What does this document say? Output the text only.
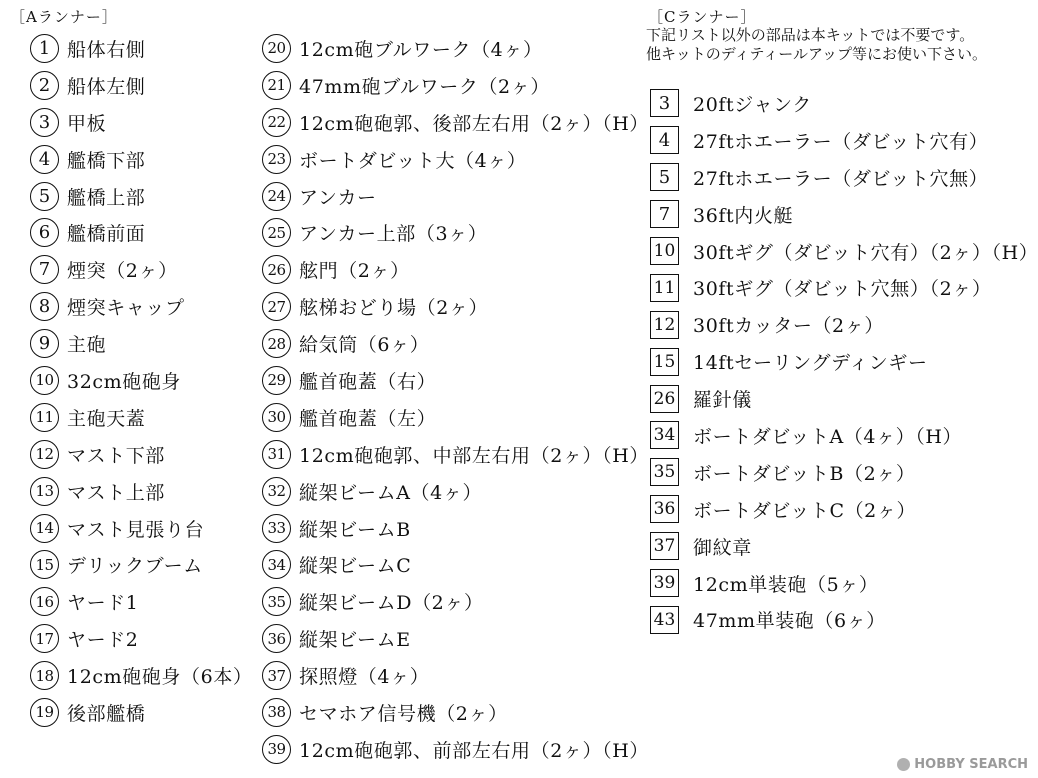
［Aランナー］
1 船体右側
2 船体左側
3 甲板
4 艦橋下部
5 艦橋上部
6 艦橋前面
7 煙突（2ヶ）
8 煙突キャップ
9 主砲
10 32cm砲砲身
11 主砲天蓋
12 マスト下部
13 マスト上部
14 マスト見張り台
15 デリックブーム
16 ヤード1
17 ヤード2
18 12cm砲砲身（6本）
19 後部艦橋
20 12cm砲ブルワーク（4ヶ）
21 47mm砲ブルワーク（2ヶ）
22 12cm砲砲郭、後部左右用（2ヶ）（H）
23 ボートダビット大（4ヶ）
24 アンカー
25 アンカー上部（3ヶ）
26 舷門（2ヶ）
27 舷梯おどり場（2ヶ）
28 給気筒（6ヶ）
29 艦首砲蓋（右）
30 艦首砲蓋（左）
31 12cm砲砲郭、中部左右用（2ヶ）（H）
32 縦架ビームA（4ヶ）
33 縦架ビームB
34 縦架ビームC
35 縦架ビームD（2ヶ）
36 縦架ビームE
37 探照燈（4ヶ）
38 セマホア信号機（2ヶ）
39 12cm砲砲郭、前部左右用（2ヶ）（H）
［Cランナー］
下記リスト以外の部品は本キットでは不要です。
他キットのディティールアップ等にお使い下さい。
3	20ftジャンク
4	27ftホエーラー（ダビット穴有）
5	27ftホエーラー（ダビット穴無）
7	36ft内火艇
10 30ftギグ（ダビット穴有）（2ヶ）（H）
11 30ftギグ（ダビット穴無）（2ヶ）
12 30ftカッター（2ヶ）
15 14ftセーリングディンギー
26 羅針儀
34 ボートダビットA（4ヶ）（H）
35 ボートダビットB（2ヶ）
36 ボートダビットC（2ヶ）
37 御紋章
39 12cm単装砲（5ヶ）
43 47mm単装砲（6ヶ）
HOBBY SEARCH
